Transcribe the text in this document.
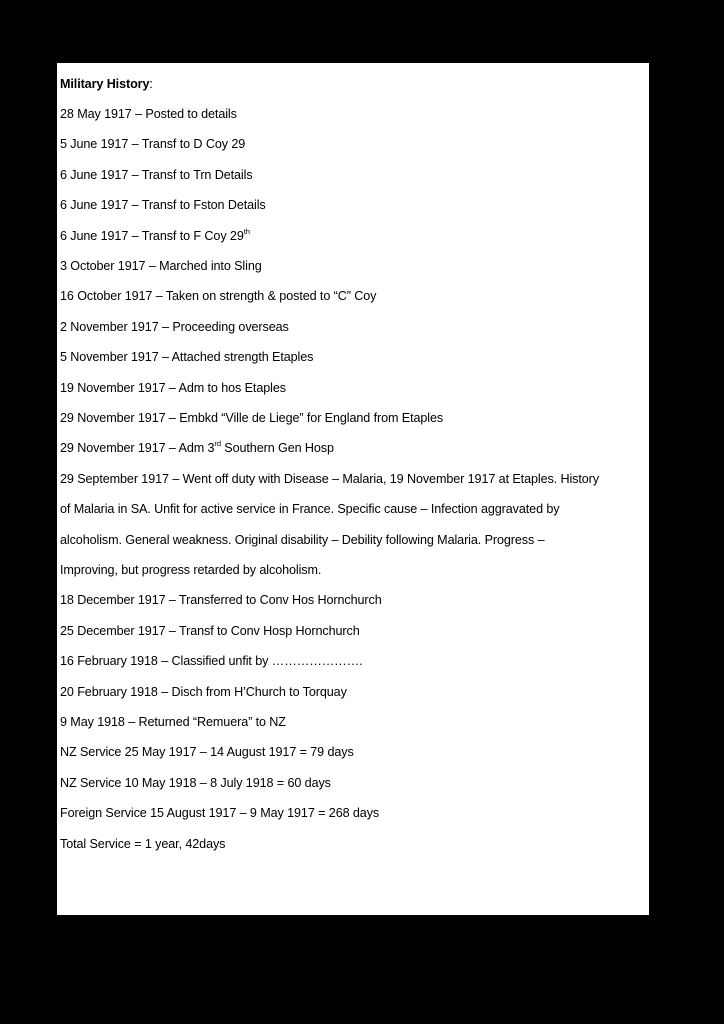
Military History:
28 May 1917 – Posted to details
5 June 1917 – Transf to D Coy 29
6 June 1917 – Transf to Trn Details
6 June 1917 – Transf to Fston Details
6 June 1917 – Transf to F Coy 29th
3 October 1917 – Marched into Sling
16 October 1917 – Taken on strength & posted to “C” Coy
2 November 1917 – Proceeding overseas
5 November 1917 – Attached strength Etaples
19 November 1917 – Adm to hos Etaples
29 November 1917 – Embkd “Ville de Liege” for England from Etaples
29 November 1917 – Adm 3rd Southern Gen Hosp
29 September 1917 – Went off duty with Disease – Malaria, 19 November 1917 at Etaples. History
of Malaria in SA. Unfit for active service in France. Specific cause – Infection aggravated by
alcoholism. General weakness. Original disability – Debility following Malaria. Progress –
Improving, but progress retarded by alcoholism.
18 December 1917 – Transferred to Conv Hos Hornchurch
25 December 1917 – Transf to Conv Hosp Hornchurch
16 February 1918 – Classified unfit by ………………….
20 February 1918 – Disch from H’Church to Torquay
9 May 1918 – Returned “Remuera” to NZ
NZ Service 25 May 1917 – 14 August 1917 = 79 days
NZ Service 10 May 1918 – 8 July 1918 = 60 days
Foreign Service 15 August 1917 – 9 May 1917 = 268 days
Total Service = 1 year, 42days
